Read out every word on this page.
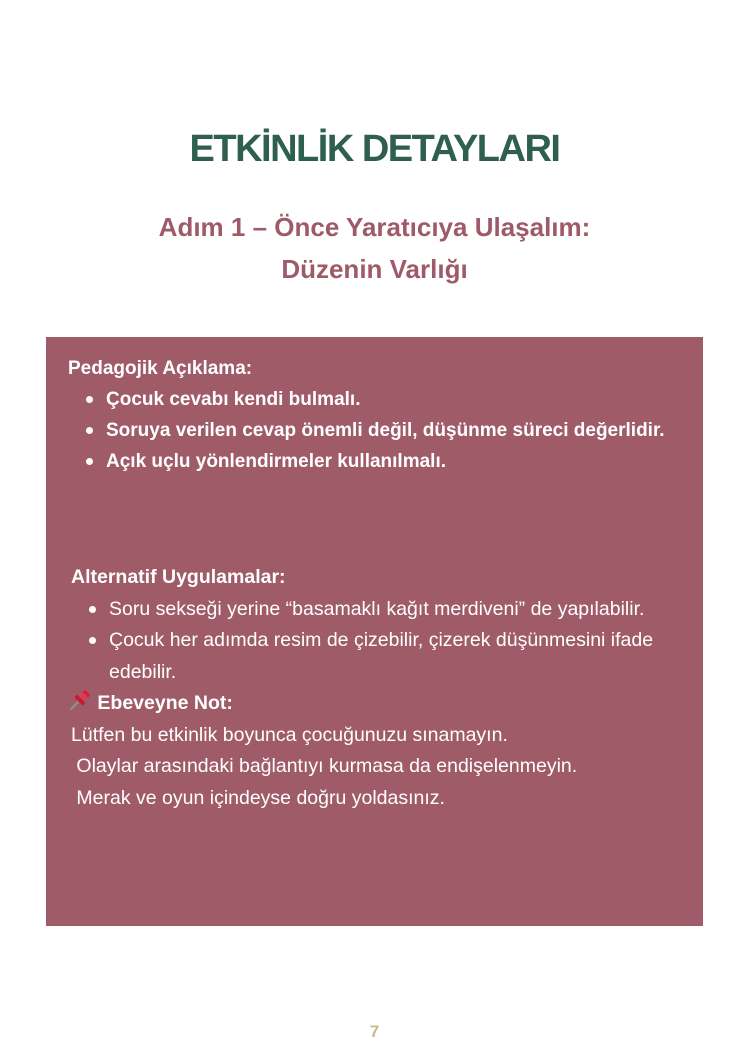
ETKİNLİK DETAYLARI
Adım 1 – Önce Yaratıcıya Ulaşalım:
Düzenin Varlığı
Pedagojik Açıklama:
Çocuk cevabı kendi bulmalı.
Soruya verilen cevap önemli değil, düşünme süreci değerlidir.
Açık uçlu yönlendirmeler kullanılmalı.
Alternatif Uygulamalar:
Soru sekseği yerine “basamaklı kağıt merdiveni” de yapılabilir.
Çocuk her adımda resim de çizebilir, çizerek düşünmesini ifade edebilir.
Ebeveyne Not:
Lütfen bu etkinlik boyunca çocuğunuzu sınamayın.
Olaylar arasındaki bağlantıyı kurmasa da endişelenmeyin.
Merak ve oyun içindeyse doğru yoldasınız.
7
